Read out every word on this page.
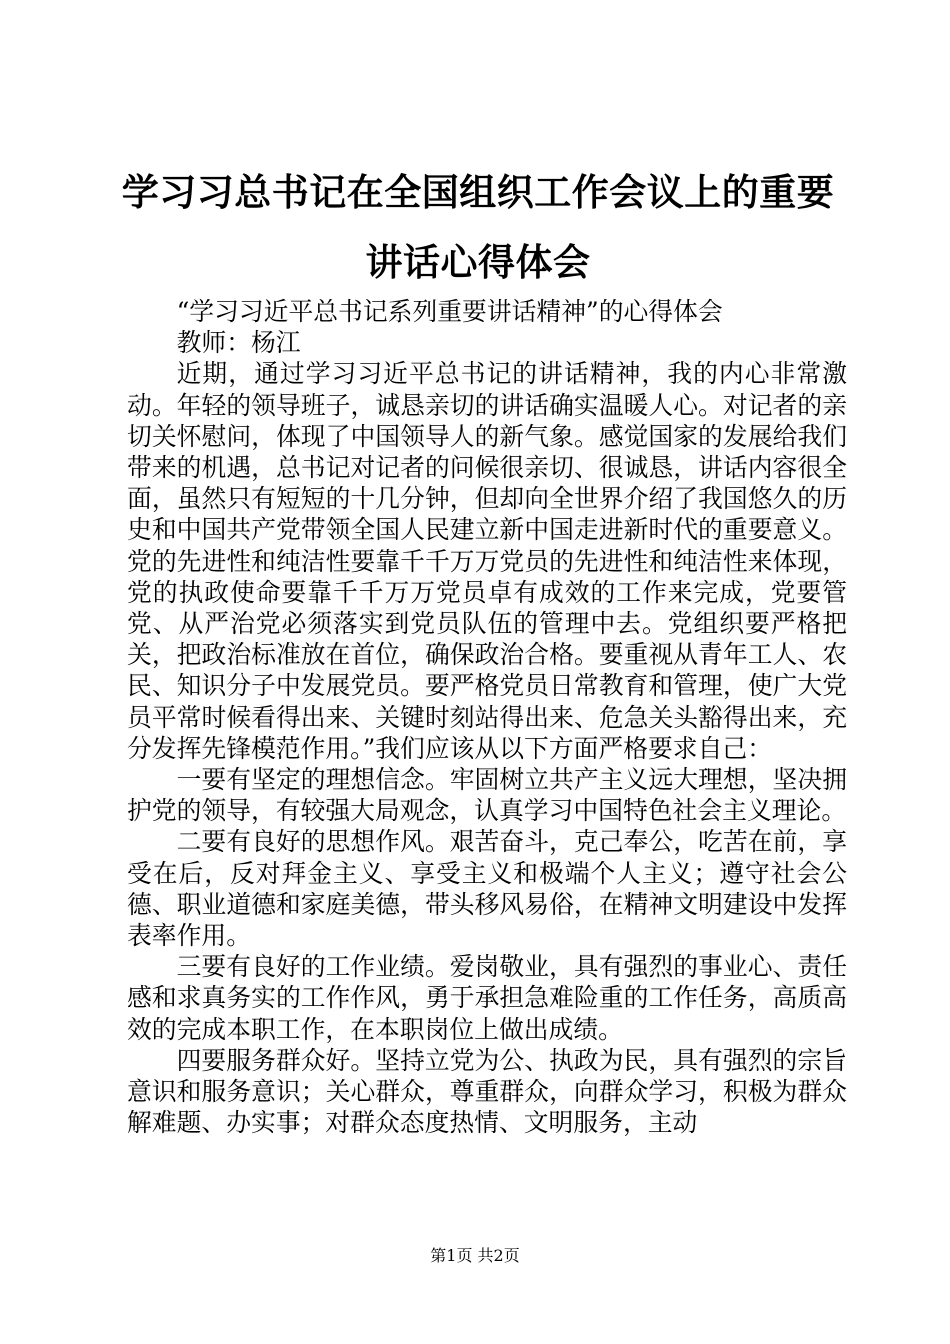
学习习总书记在全国组织工作会议上的重要讲话心得体会

“学习习近平总书记系列重要讲话精神”的心得体会

教师：杨江

近期，通过学习习近平总书记的讲话精神，我的内心非常激动。年轻的领导班子，诚恳亲切的讲话确实温暖人心。对记者的亲切关怀慰问，体现了中国领导人的新气象。感觉国家的发展给我们带来的机遇，总书记对记者的问候很亲切、很诚恳，讲话内容很全面，虽然只有短短的十几分钟，但却向全世界介绍了我国悠久的历史和中国共产党带领全国人民建立新中国走进新时代的重要意义。党的先进性和纯洁性要靠千千万万党员的先进性和纯洁性来体现，党的执政使命要靠千千万万党员卓有成效的工作来完成，党要管党、从严治党必须落实到党员队伍的管理中去。党组织要严格把关，把政治标准放在首位，确保政治合格。要重视从青年工人、农民、知识分子中发展党员。要严格党员日常教育和管理，使广大党员平常时候看得出来、关键时刻站得出来、危急关头豁得出来，充分发挥先锋模范作用。”我们应该从以下方面严格要求自己：

一要有坚定的理想信念。牢固树立共产主义远大理想，坚决拥护党的领导，有较强大局观念，认真学习中国特色社会主义理论。

二要有良好的思想作风。艰苦奋斗，克己奉公，吃苦在前，享受在后，反对拜金主义、享受主义和极端个人主义；遵守社会公德、职业道德和家庭美德，带头移风易俗，在精神文明建设中发挥表率作用。

三要有良好的工作业绩。爱岗敬业，具有强烈的事业心、责任感和求真务实的工作作风，勇于承担急难险重的工作任务，高质高效的完成本职工作，在本职岗位上做出成绩。

四要服务群众好。坚持立党为公、执政为民，具有强烈的宗旨意识和服务意识；关心群众，尊重群众，向群众学习，积极为群众解难题、办实事；对群众态度热情、文明服务，主动

第1页 共2页
